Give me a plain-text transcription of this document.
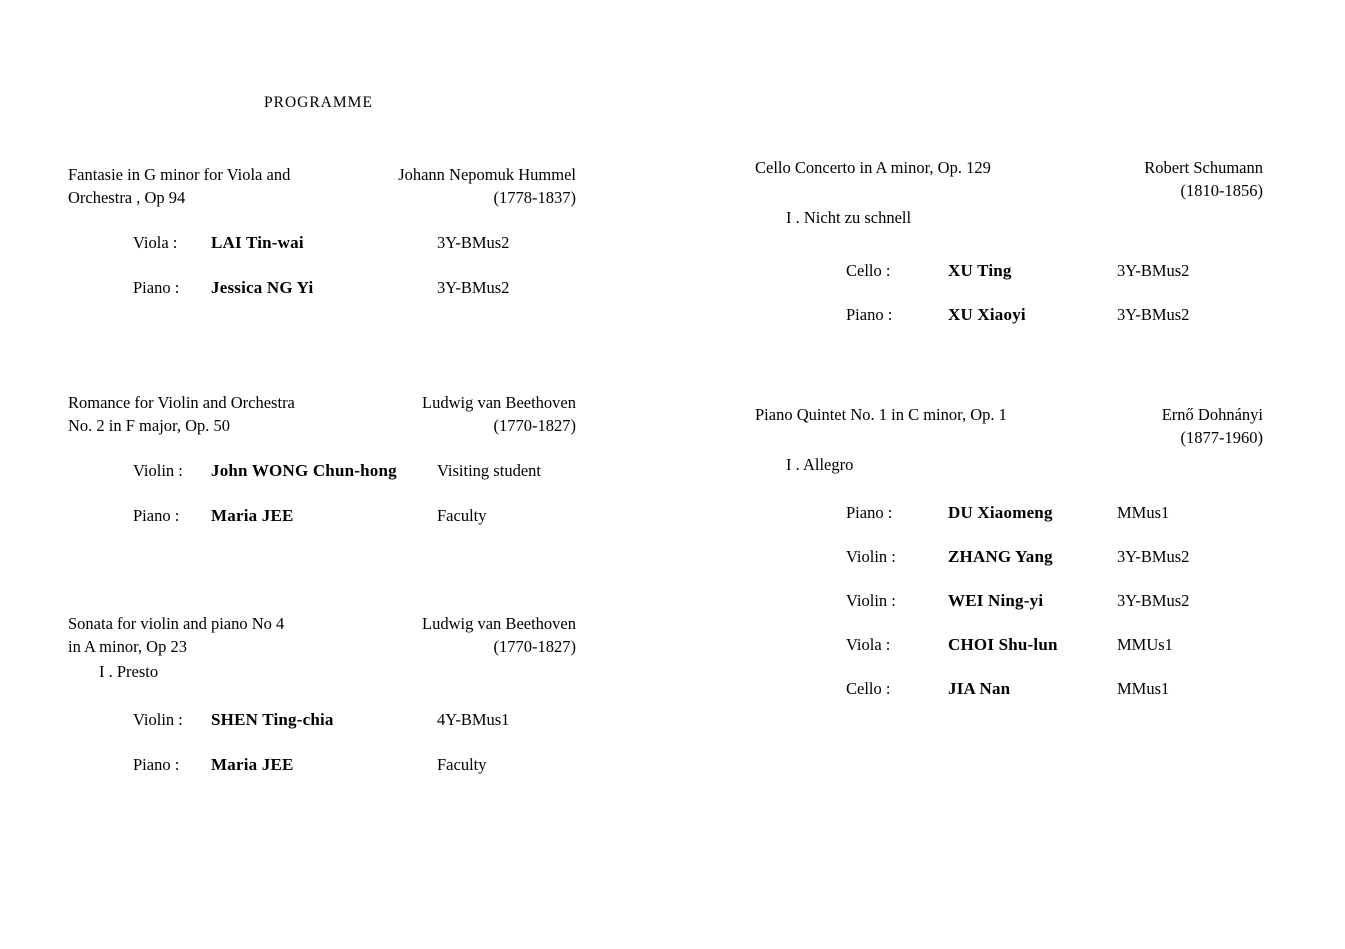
PROGRAMME
Fantasie in G minor for Viola and
Orchestra , Op 94
Johann Nepomuk Hummel
(1778-1837)
Viola :	LAI Tin-wai	3Y-BMus2
Piano :	Jessica NG Yi	3Y-BMus2
Romance for Violin and Orchestra
No. 2 in F major, Op. 50
Ludwig van Beethoven
(1770-1827)
Violin :	John WONG Chun-hong	Visiting student
Piano :	Maria JEE	Faculty
Sonata for violin and piano No 4
in A minor, Op 23
Ludwig van Beethoven
(1770-1827)
I . Presto
Violin :	SHEN Ting-chia	4Y-BMus1
Piano :	Maria JEE	Faculty
Cello Concerto in A minor, Op. 129	Robert Schumann
(1810-1856)
I . Nicht zu schnell
Cello :	XU Ting	3Y-BMus2
Piano :	XU Xiaoyi	3Y-BMus2
Piano Quintet No. 1 in C minor, Op. 1	Ernő Dohnányi
(1877-1960)
I . Allegro
Piano :	DU Xiaomeng	MMus1
Violin :	ZHANG Yang	3Y-BMus2
Violin :	WEI Ning-yi	3Y-BMus2
Viola :	CHOI Shu-lun	MMUs1
Cello :	JIA Nan	MMus1
